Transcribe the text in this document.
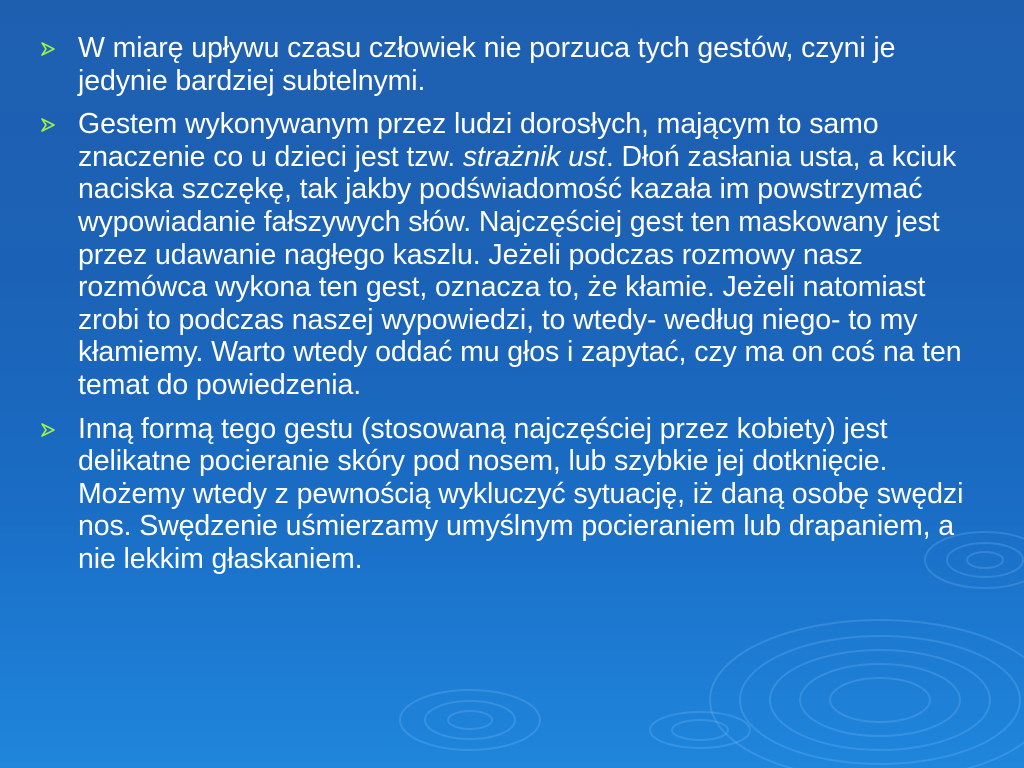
W miarę upływu czasu człowiek nie porzuca tych gestów, czyni je jedynie bardziej subtelnymi.
Gestem wykonywanym przez ludzi dorosłych, mającym to samo znaczenie co u dzieci jest tzw. strażnik ust. Dłoń zasłania usta, a kciuk naciska szczękę, tak jakby podświadomość kazała im powstrzymać wypowiadanie fałszywych słów. Najczęściej gest ten maskowany jest przez udawanie nagłego kaszlu. Jeżeli podczas rozmowy nasz rozmówca wykona ten gest, oznacza to, że kłamie. Jeżeli natomiast zrobi to podczas naszej wypowiedzi, to wtedy- według niego- to my kłamiemy. Warto wtedy oddać mu głos i zapytać, czy ma on coś na ten temat do powiedzenia.
Inną formą tego gestu (stosowaną najczęściej przez kobiety) jest delikatne pocieranie skóry pod nosem, lub szybkie jej dotknięcie. Możemy wtedy z pewnością wykluczyć sytuację, iż daną osobę swędzi nos. Swędzenie uśmierzamy umyślnym pocieraniem lub drapaniem, a nie lekkim głaskaniem.
